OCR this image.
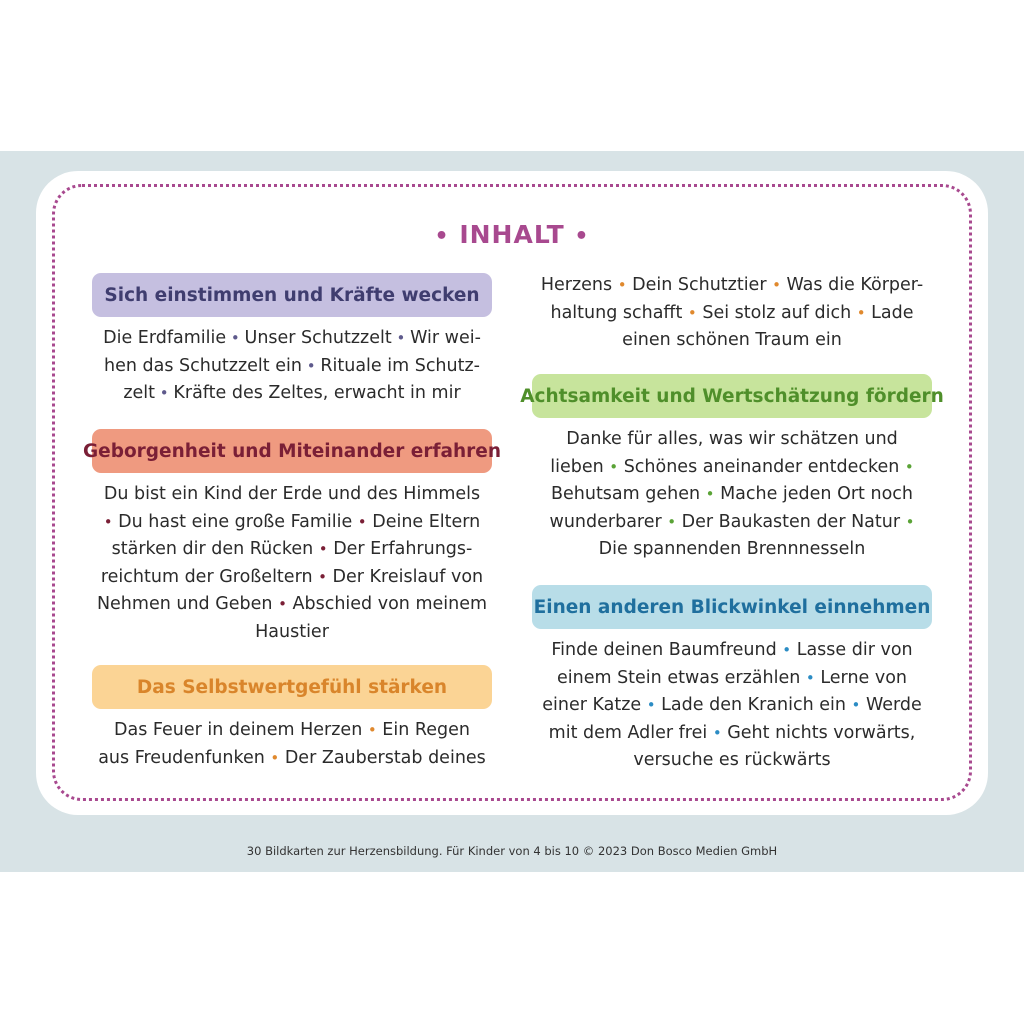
• INHALT •
Sich einstimmen und Kräfte wecken
Die Erdfamilie • Unser Schutzzelt • Wir wei-
hen das Schutzzelt ein • Rituale im Schutz-
zelt • Kräfte des Zeltes, erwacht in mir
Geborgenheit und Miteinander erfahren
Du bist ein Kind der Erde und des Himmels
• Du hast eine große Familie • Deine Eltern
stärken dir den Rücken • Der Erfahrungs-
reichtum der Großeltern • Der Kreislauf von
Nehmen und Geben • Abschied von meinem
Haustier
Das Selbstwertgefühl stärken
Das Feuer in deinem Herzen • Ein Regen
aus Freudenfunken • Der Zauberstab deines
Herzens • Dein Schutztier • Was die Körper-
haltung schafft • Sei stolz auf dich • Lade
einen schönen Traum ein
Achtsamkeit und Wertschätzung fördern
Danke für alles, was wir schätzen und
lieben • Schönes aneinander entdecken •
Behutsam gehen • Mache jeden Ort noch
wunderbarer • Der Baukasten der Natur •
Die spannenden Brennnesseln
Einen anderen Blickwinkel einnehmen
Finde deinen Baumfreund • Lasse dir von
einem Stein etwas erzählen • Lerne von
einer Katze • Lade den Kranich ein • Werde
mit dem Adler frei • Geht nichts vorwärts,
versuche es rückwärts
30 Bildkarten zur Herzensbildung. Für Kinder von 4 bis 10 © 2023 Don Bosco Medien GmbH
